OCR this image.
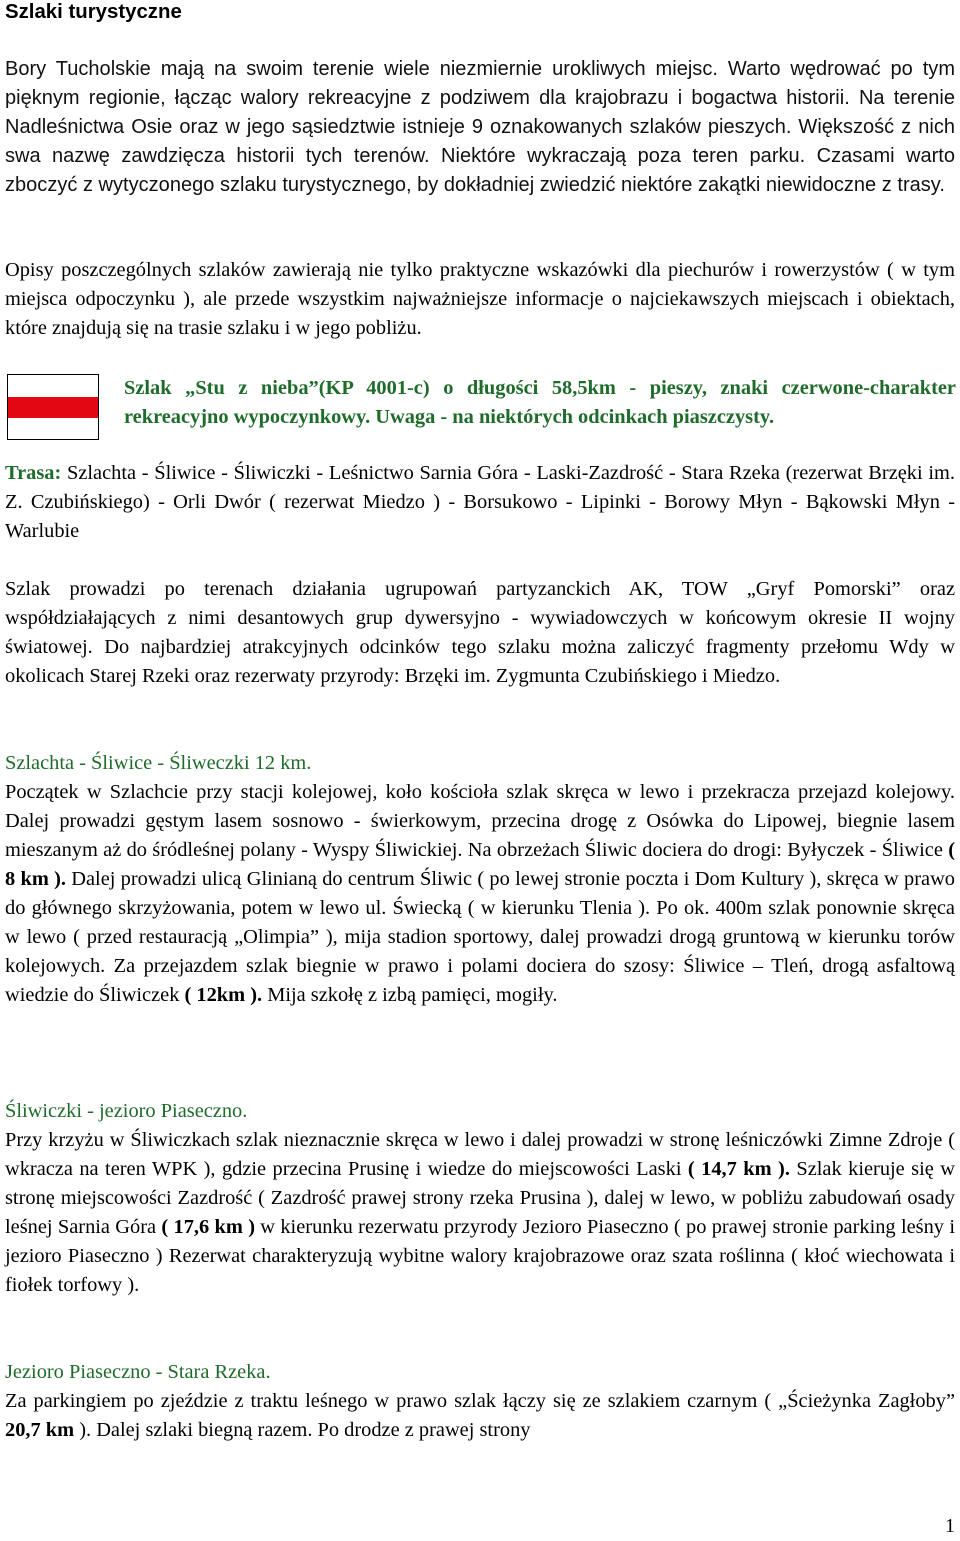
Szlaki turystyczne

Bory Tucholskie mają na swoim terenie wiele niezmiernie urokliwych miejsc. Warto wędrować po tym pięknym regionie, łącząc walory rekreacyjne z podziwem dla krajobrazu i bogactwa historii. Na terenie Nadleśnictwa Osie oraz w jego sąsiedztwie istnieje 9 oznakowanych szlaków pieszych. Większość z nich swa nazwę zawdzięcza historii tych terenów. Niektóre wykraczają poza teren parku. Czasami warto zboczyć z wytyczonego szlaku turystycznego, by dokładniej zwiedzić niektóre zakątki niewidoczne z trasy.

Opisy poszczególnych szlaków zawierają nie tylko praktyczne wskazówki dla piechurów i rowerzystów ( w tym miejsca odpoczynku ), ale przede wszystkim najważniejsze informacje o najciekawszych miejscach i obiektach, które znajdują się na trasie szlaku i w jego pobliżu.

Szlak „Stu z nieba”(KP 4001-c) o długości 58,5km - pieszy, znaki czerwone-charakter rekreacyjno wypoczynkowy. Uwaga - na niektórych odcinkach piaszczysty.

Trasa: Szlachta - Śliwice - Śliwiczki - Leśnictwo Sarnia Góra - Laski-Zazdrość - Stara Rzeka (rezerwat Brzęki im. Z. Czubińskiego) - Orli Dwór ( rezerwat Miedzo ) - Borsukowo - Lipinki - Borowy Młyn - Bąkowski Młyn - Warlubie

Szlak prowadzi po terenach działania ugrupowań partyzanckich AK, TOW „Gryf Pomorski” oraz współdziałających z nimi desantowych grup dywersyjno - wywiadowczych w końcowym okresie II wojny światowej. Do najbardziej atrakcyjnych odcinków tego szlaku można zaliczyć fragmenty przełomu Wdy w okolicach Starej Rzeki oraz rezerwaty przyrody: Brzęki im. Zygmunta Czubińskiego i Miedzo.

Szlachta - Śliwice - Śliweczki 12 km.

Początek w Szlachcie przy stacji kolejowej, koło kościoła szlak skręca w lewo i przekracza przejazd kolejowy. Dalej prowadzi gęstym lasem sosnowo - świerkowym, przecina drogę z Osówka do Lipowej, biegnie lasem mieszanym aż do śródleśnej polany - Wyspy Śliwickiej. Na obrzeżach Śliwic dociera do drogi: Byłyczek - Śliwice ( 8 km ). Dalej prowadzi ulicą Glinianą do centrum Śliwic ( po lewej stronie poczta i Dom Kultury ), skręca w prawo do głównego skrzyżowania, potem w lewo ul. Świecką ( w kierunku Tlenia ). Po ok. 400m szlak ponownie skręca w lewo ( przed restauracją „Olimpia” ), mija stadion sportowy, dalej prowadzi drogą gruntową w kierunku torów kolejowych. Za przejazdem szlak biegnie w prawo i polami dociera do szosy: Śliwice – Tleń, drogą asfaltową wiedzie do Śliwiczek ( 12km ). Mija szkołę z izbą pamięci, mogiły.

Śliwiczki - jezioro Piaseczno.

Przy krzyżu w Śliwiczkach szlak nieznacznie skręca w lewo i dalej prowadzi w stronę leśniczówki Zimne Zdroje ( wkracza na teren WPK ), gdzie przecina Prusinę i wiedze do miejscowości Laski ( 14,7 km ). Szlak kieruje się w stronę miejscowości Zazdrość ( Zazdrość prawej strony rzeka Prusina ), dalej w lewo, w pobliżu zabudowań osady leśnej Sarnia Góra ( 17,6 km ) w kierunku rezerwatu przyrody Jezioro Piaseczno ( po prawej stronie parking leśny i jezioro Piaseczno ) Rezerwat charakteryzują wybitne walory krajobrazowe oraz szata roślinna ( kłoć wiechowata i fiołek torfowy ).

Jezioro Piaseczno - Stara Rzeka.

Za parkingiem po zjeździe z traktu leśnego w prawo szlak łączy się ze szlakiem czarnym ( „Ścieżynka Zagłoby” 20,7 km ). Dalej szlaki biegną razem. Po drodze z prawej strony

1
